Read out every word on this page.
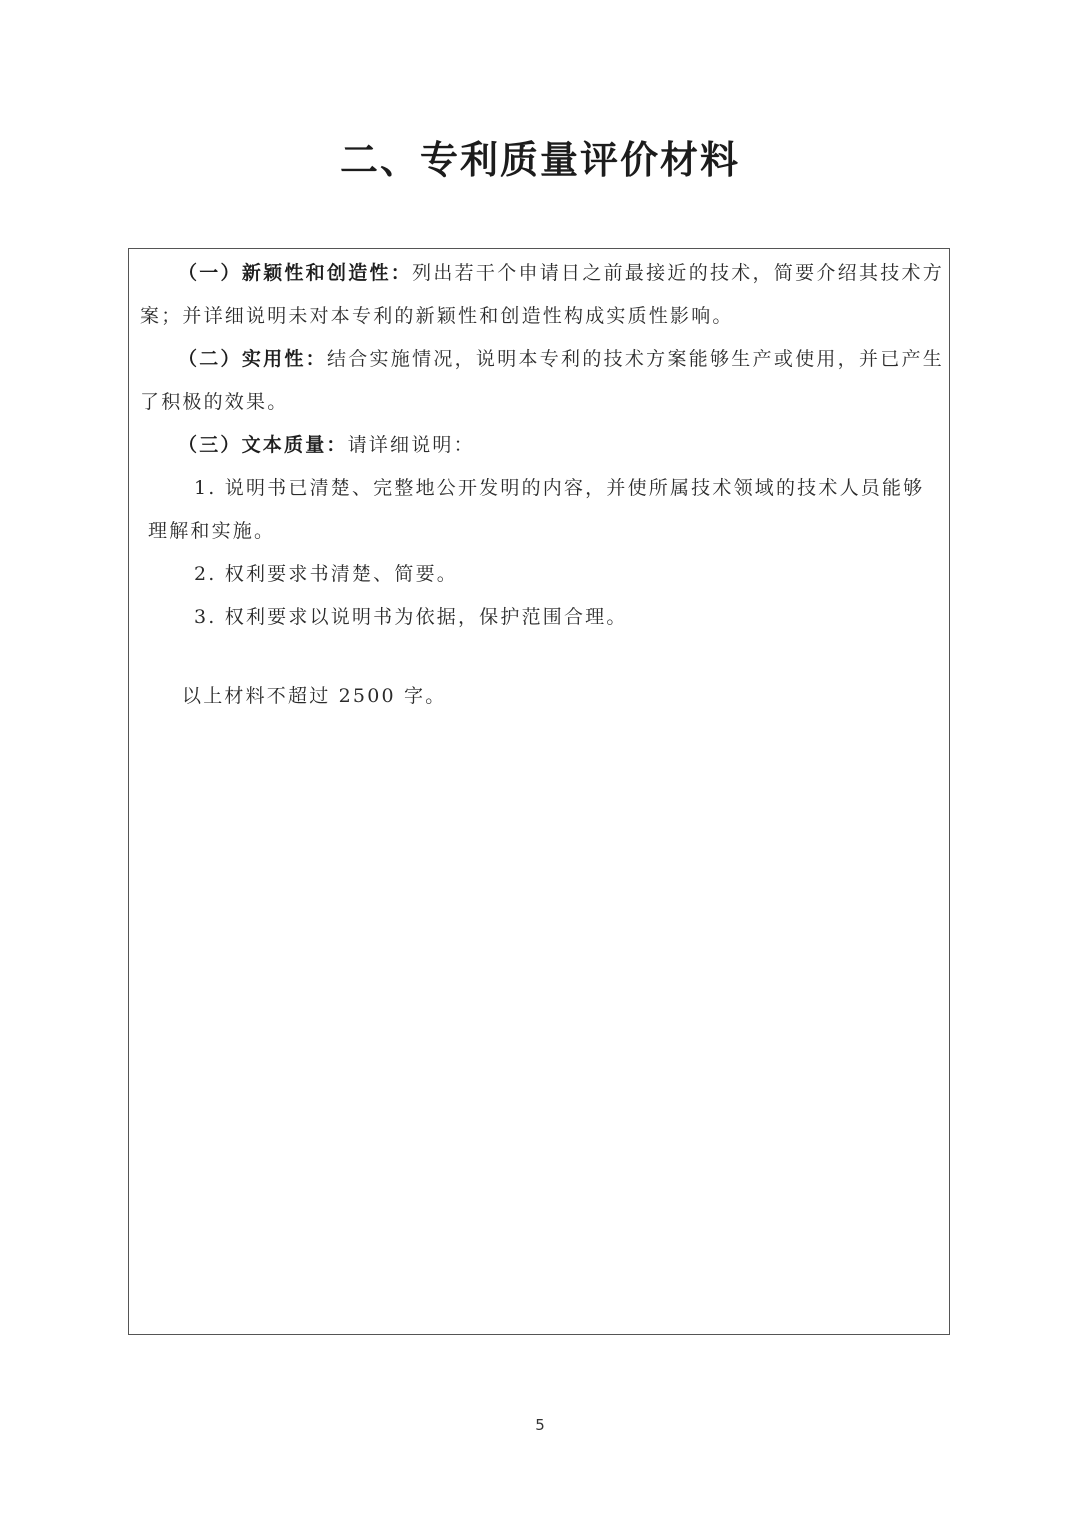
二、专利质量评价材料

（一）新颖性和创造性：列出若干个申请日之前最接近的技术，简要介绍其技术方案；并详细说明未对本专利的新颖性和创造性构成实质性影响。

（二）实用性：结合实施情况，说明本专利的技术方案能够生产或使用，并已产生了积极的效果。

（三）文本质量：请详细说明：

1. 说明书已清楚、完整地公开发明的内容，并使所属技术领域的技术人员能够理解和实施。

2. 权利要求书清楚、简要。

3. 权利要求以说明书为依据，保护范围合理。

以上材料不超过 2500 字。

5
